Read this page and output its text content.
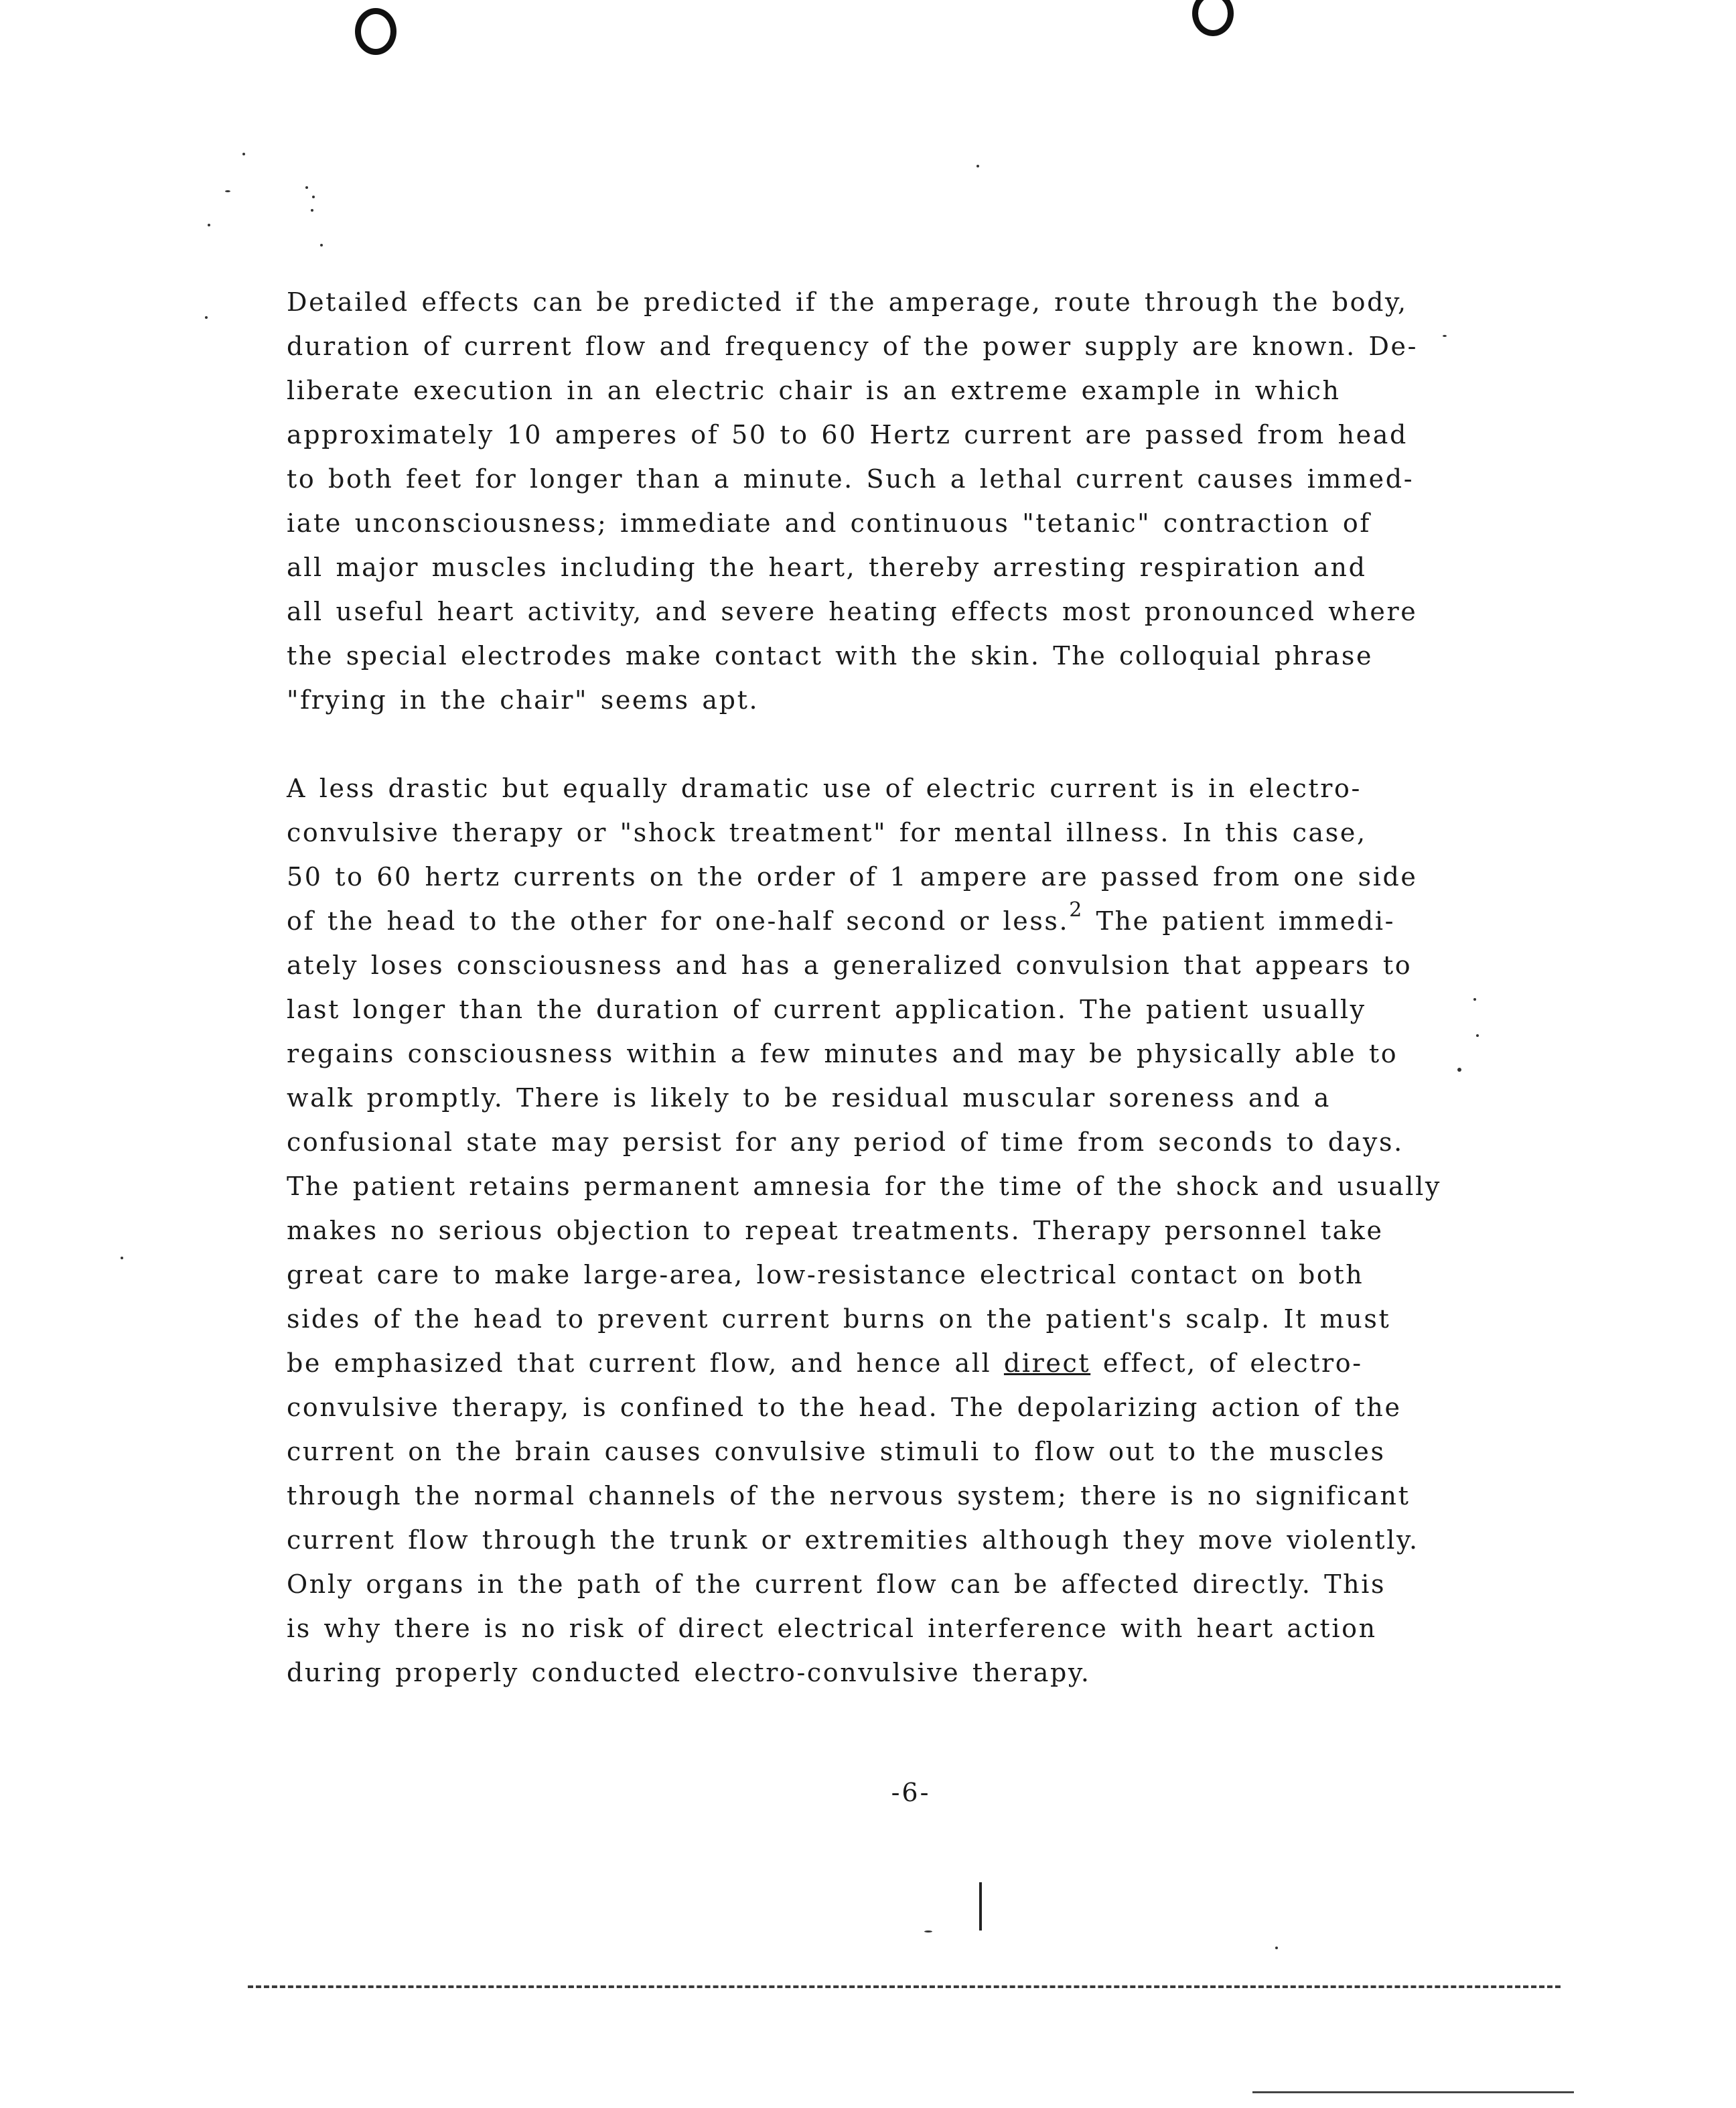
Detailed effects can be predicted if the amperage, route through the body,
duration of current flow and frequency of the power supply are known. De-
liberate execution in an electric chair is an extreme example in which
approximately 10 amperes of 50 to 60 Hertz current are passed from head
to both feet for longer than a minute. Such a lethal current causes immed-
iate unconsciousness; immediate and continuous "tetanic" contraction of
all major muscles including the heart, thereby arresting respiration and
all useful heart activity, and severe heating effects most pronounced where
the special electrodes make contact with the skin. The colloquial phrase
"frying in the chair" seems apt.

A less drastic but equally dramatic use of electric current is in electro-
convulsive therapy or "shock treatment" for mental illness. In this case,
50 to 60 hertz currents on the order of 1 ampere are passed from one side
of the head to the other for one-half second or less.$^2$ The patient immedi-
ately loses consciousness and has a generalized convulsion that appears to
last longer than the duration of current application. The patient usually
regains consciousness within a few minutes and may be physically able to
walk promptly. There is likely to be residual muscular soreness and a
confusional state may persist for any period of time from seconds to days.
The patient retains permanent amnesia for the time of the shock and usually
makes no serious objection to repeat treatments. Therapy personnel take
great care to make large-area, low-resistance electrical contact on both
sides of the head to prevent current burns on the patient's scalp. It must
be emphasized that current flow, and hence all direct effect, of electro-
convulsive therapy, is confined to the head. The depolarizing action of the
current on the brain causes convulsive stimuli to flow out to the muscles
through the normal channels of the nervous system; there is no significant
current flow through the trunk or extremities although they move violently.
Only organs in the path of the current flow can be affected directly. This
is why there is no risk of direct electrical interference with heart action
during properly conducted electro-convulsive therapy.

-6-
